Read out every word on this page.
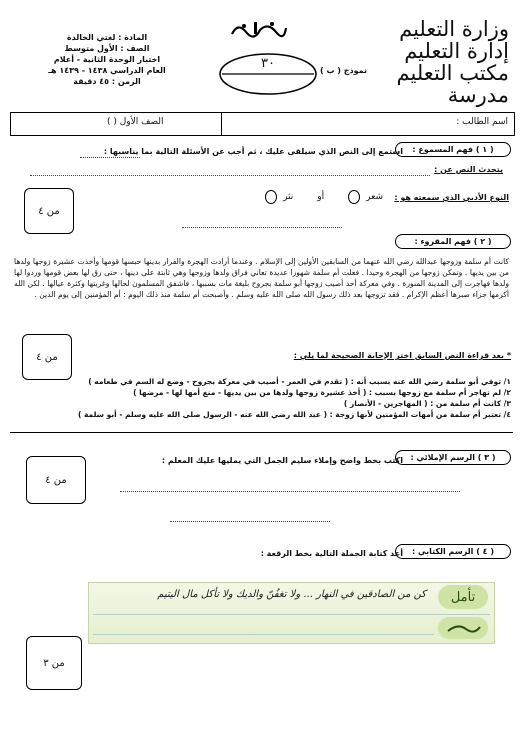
وزارة التعليم
إدارة التعليم
مكتب التعليم
مدرسة
المادة : لغتي الخالدة
الصف : الأول متوسط
اختبار الوحدة الثانية - أعلام
العام الدراسي ١٤٣٨ - ١٤٣٩ هـ
الزمن : ٤٥ دقيقة
٣٠	نموذج ( ب )
اسم الطالب :
الصف الأول ( )
( ١ ) فهم المسموع :
استمع إلى النص الذي سيلقى عليك ، ثم أجب عن الأسئلة التالية بما يناسبها :
يتحدث النص عن :
النوع الأدبي الذي سمعته هو :
شعر
أو
نثر
من ٤
( ٢ ) فهم المقروء :
كانت أم سلمة وزوجها عبدالله رضي الله عنهما من السابقين الأولين إلى الإسلام . وعندما أرادت الهجرة والفرار بدينها حبسها قومها وأخذت عشيرة زوجها ولدها من بين يديها . وتمكن زوجها من الهجرة وحيدا . فعلت أم سلمة شهورا عديدة تعاني فراق ولدها وزوجها وهي ثابتة على دينها ، حتى رق لها بعض قومها وردوا لها ولدها فهاجرت إلى المدينة المنورة . وفي معركة أحد أصيب زوجها أبو سلمة بجروح بليغة مات بسببها ، فاشفق المسلمون لحالها وغربتها وكثرة عيالها . لكن الله أكرمها جزاء صبرها أعظم الإكرام . فقد تزوجها بعد ذلك رسول الله صلى الله عليه وسلم . وأصبحت أم سلمة منذ ذلك اليوم : أم المؤمنين إلى يوم الدين .
من ٤	* بعد قراءة النص السابق اختر الإجابة الصحيحة لما يلي :
١/ توفي أبو سلمة رضي الله عنه بسبب أنه : ( تقدم في العمر - أصيب في معركة بجروح - وضع له السم في طعامه )
٢/ لم تهاجر أم سلمة مع زوجها بسبب : ( أخذ عشيرة زوجها ولدها من بين يديها - منع أمها لها - مرضها )
٣/ كانت أم سلمة من : ( المهاجرين - الأنصار )
٤/ تعتبر أم سلمة من أمهات المؤمنين لأنها زوجة : ( عبد الله رضي الله عنه - الرسول صلى الله عليه وسلم - أبو سلمة )
( ٣ ) الرسم الإملائي :
اكتب بخط واضح وإملاء سليم الجمل التي يمليها عليك المعلم :
من ٤
( ٤ ) الرسم الكتابي :
أعد كتابة الجملة التالية بخط الرقعة :
تأمل
كن من الصادقين في النهار ... ولا تغفُنّ والديك ولا تأكل مال اليتيم
من ٣
